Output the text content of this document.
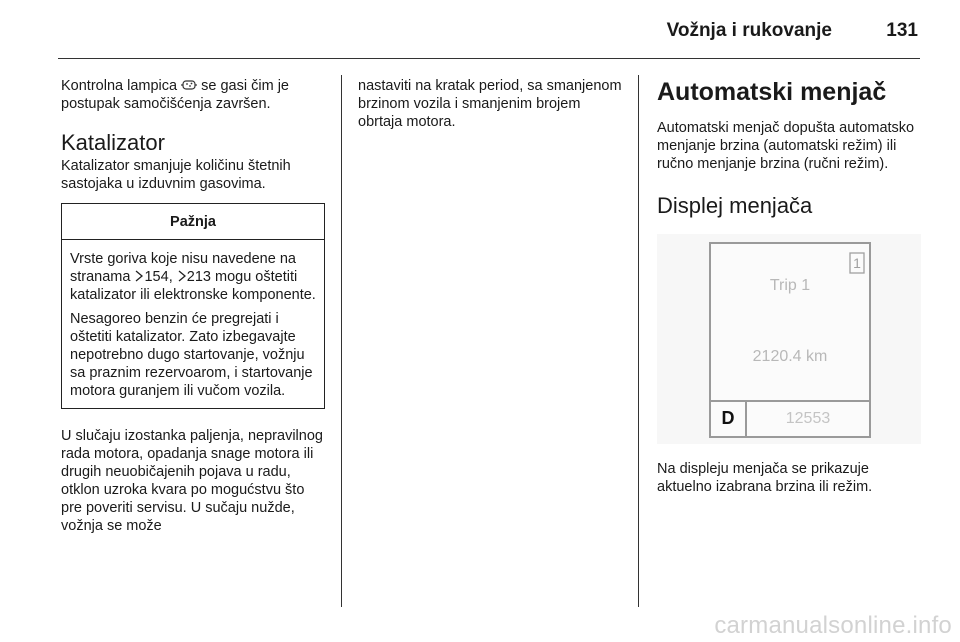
Vožnja i rukovanje	131

Kontrolna lampica se gasi čim je postupak samočišćenja završen.

Katalizator

Katalizator smanjuje količinu štetnih sastojaka u izduvnim gasovima.

Pažnja

Vrste goriva koje nisu navedene na stranama 154, 213 mogu oštetiti katalizator ili elektronske komponente.

Nesagoreo benzin će pregrejati i oštetiti katalizator. Zato izbegavajte nepotrebno dugo startovanje, vožnju sa praznim rezervoarom, i startovanje motora guranjem ili vučom vozila.

U slučaju izostanka paljenja, nepravilnog rada motora, opadanja snage motora ili drugih neuobičajenih pojava u radu, otklon uzroka kvara po mogućstvu što pre poveriti servisu. U sučaju nužde, vožnja se može

nastaviti na kratak period, sa smanjenom brzinom vozila i smanjenim brojem obrtaja motora.

Automatski menjač

Automatski menjač dopušta automatsko menjanje brzina (automatski režim) ili ručno menjanje brzina (ručni režim).

Displej menjača
1
Trip 1
2120.4 km
D	12553

Na displeju menjača se prikazuje aktuelno izabrana brzina ili režim.

carmanualsonline.info
